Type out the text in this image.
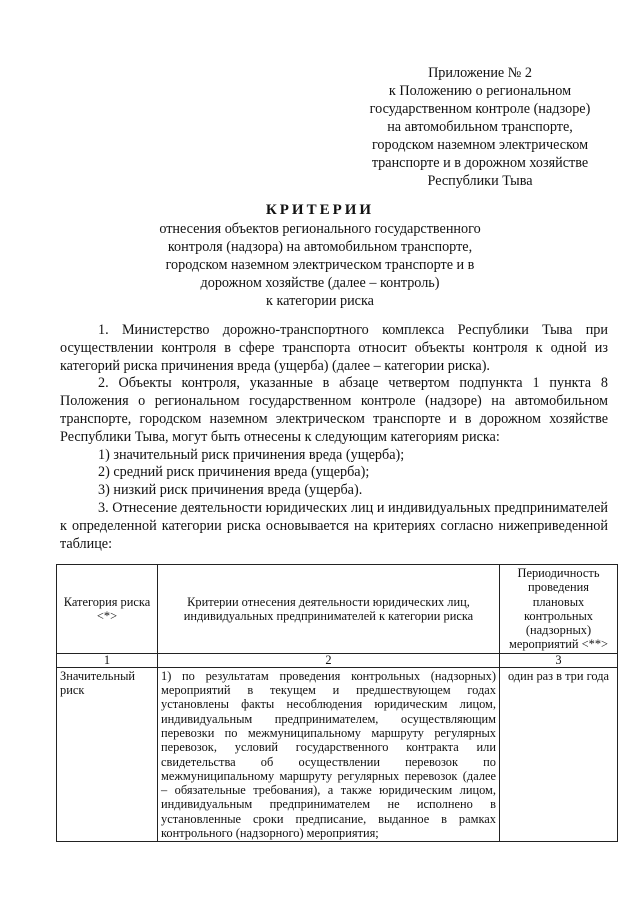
Приложение № 2
к Положению о региональном
государственном контроле (надзоре)
на автомобильном транспорте,
городском наземном электрическом
транспорте и в дорожном хозяйстве
Республики Тыва
КРИТЕРИИ
отнесения объектов регионального государственного
контроля (надзора) на автомобильном транспорте,
городском наземном электрическом транспорте и в
дорожном хозяйстве (далее – контроль)
к категории риска

1. Министерство дорожно-транспортного комплекса Республики Тыва при осуществлении контроля в сфере транспорта относит объекты контроля к одной из категорий риска причинения вреда (ущерба) (далее – категории риска).

2. Объекты контроля, указанные в абзаце четвертом подпункта 1 пункта 8 Положения о региональном государственном контроле (надзоре) на автомобильном транспорте, городском наземном электрическом транспорте и в дорожном хозяйстве Республики Тыва, могут быть отнесены к следующим категориям риска:

1) значительный риск причинения вреда (ущерба);

2) средний риск причинения вреда (ущерба);

3) низкий риск причинения вреда (ущерба).

3. Отнесение деятельности юридических лиц и индивидуальных предпринимателей к определенной категории риска основывается на критериях согласно нижеприведенной таблице:

Категория риска <*>	Критерии отнесения деятельности юридических лиц, индивидуальных предпринимателей к категории риска	Периодичность проведения плановых контрольных (надзорных) мероприятий <**>
1	2	3
Значительный риск	1) по результатам проведения контрольных (надзорных) мероприятий в текущем и предшествующем годах установлены факты несоблюдения юридическим лицом, индивидуальным предпринимателем, осуществляющим перевозки по межмуниципальному маршруту регулярных перевозок, условий государственного контракта или свидетельства об осуществлении перевозок по межмуниципальному маршруту регулярных перевозок (далее – обязательные требования), а также юридическим лицом, индивидуальным предпринимателем не исполнено в установленные сроки предписание, выданное в рамках контрольного (надзорного) мероприятия;	один раз в три года
